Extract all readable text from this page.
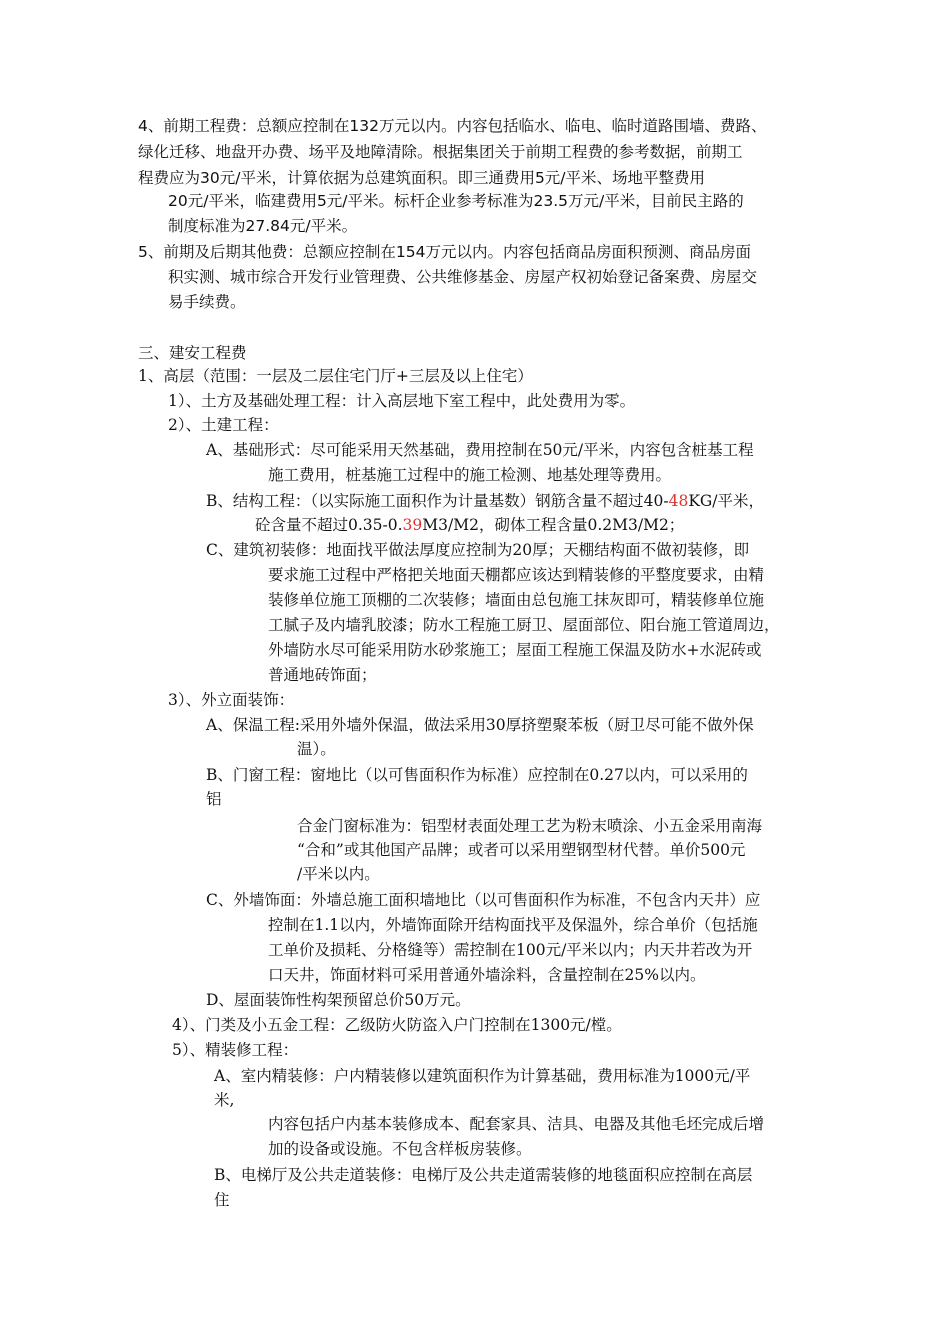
4、前期工程费：总额应控制在132万元以内。内容包括临水、临电、临时道路围墙、费路、
绿化迁移、地盘开办费、场平及地障清除。根据集团关于前期工程费的参考数据，前期工
程费应为30元/平米，计算依据为总建筑面积。即三通费用5元/平米、场地平整费用
20元/平米，临建费用5元/平米。标杆企业参考标准为23.5万元/平米，目前民主路的
制度标准为27.84元/平米。
5、前期及后期其他费：总额应控制在154万元以内。内容包括商品房面积预测、商品房面
积实测、城市综合开发行业管理费、公共维修基金、房屋产权初始登记备案费、房屋交
易手续费。
三、建安工程费
1、高层（范围：一层及二层住宅门厅+三层及以上住宅）
1）、土方及基础处理工程：计入高层地下室工程中，此处费用为零。
2）、土建工程：
A、基础形式：尽可能采用天然基础，费用控制在50元/平米，内容包含桩基工程
施工费用，桩基施工过程中的施工检测、地基处理等费用。
B、结构工程：（以实际施工面积作为计量基数）钢筋含量不超过40-48KG/平米，
砼含量不超过0.35-0.39M3/M2，砌体工程含量0.2M3/M2；
C、建筑初装修：地面找平做法厚度应控制为20厚；天棚结构面不做初装修，即
要求施工过程中严格把关地面天棚都应该达到精装修的平整度要求，由精
装修单位施工顶棚的二次装修；墙面由总包施工抹灰即可，精装修单位施
工腻子及内墙乳胶漆；防水工程施工厨卫、屋面部位、阳台施工管道周边，
外墙防水尽可能采用防水砂浆施工；屋面工程施工保温及防水+水泥砖或
普通地砖饰面；
3）、外立面装饰：
A、保温工程:采用外墙外保温，做法采用30厚挤塑聚苯板（厨卫尽可能不做外保
温）。
B、门窗工程：窗地比（以可售面积作为标准）应控制在0.27以内，可以采用的
铝
合金门窗标准为：铝型材表面处理工艺为粉末喷涂、小五金采用南海
“合和”或其他国产品牌；或者可以采用塑钢型材代替。单价500元
/平米以内。
C、外墙饰面：外墙总施工面积墙地比（以可售面积作为标准，不包含内天井）应
控制在1.1以内，外墙饰面除开结构面找平及保温外，综合单价（包括施
工单价及损耗、分格缝等）需控制在100元/平米以内；内天井若改为开
口天井，饰面材料可采用普通外墙涂料，含量控制在25%以内。
D、屋面装饰性构架预留总价50万元。
4）、门类及小五金工程：乙级防火防盗入户门控制在1300元/樘。
5）、精装修工程：
A、室内精装修：户内精装修以建筑面积作为计算基础，费用标准为1000元/平
米,
内容包括户内基本装修成本、配套家具、洁具、电器及其他毛坯完成后增
加的设备或设施。不包含样板房装修。
B、电梯厅及公共走道装修：电梯厅及公共走道需装修的地毯面积应控制在高层
住
